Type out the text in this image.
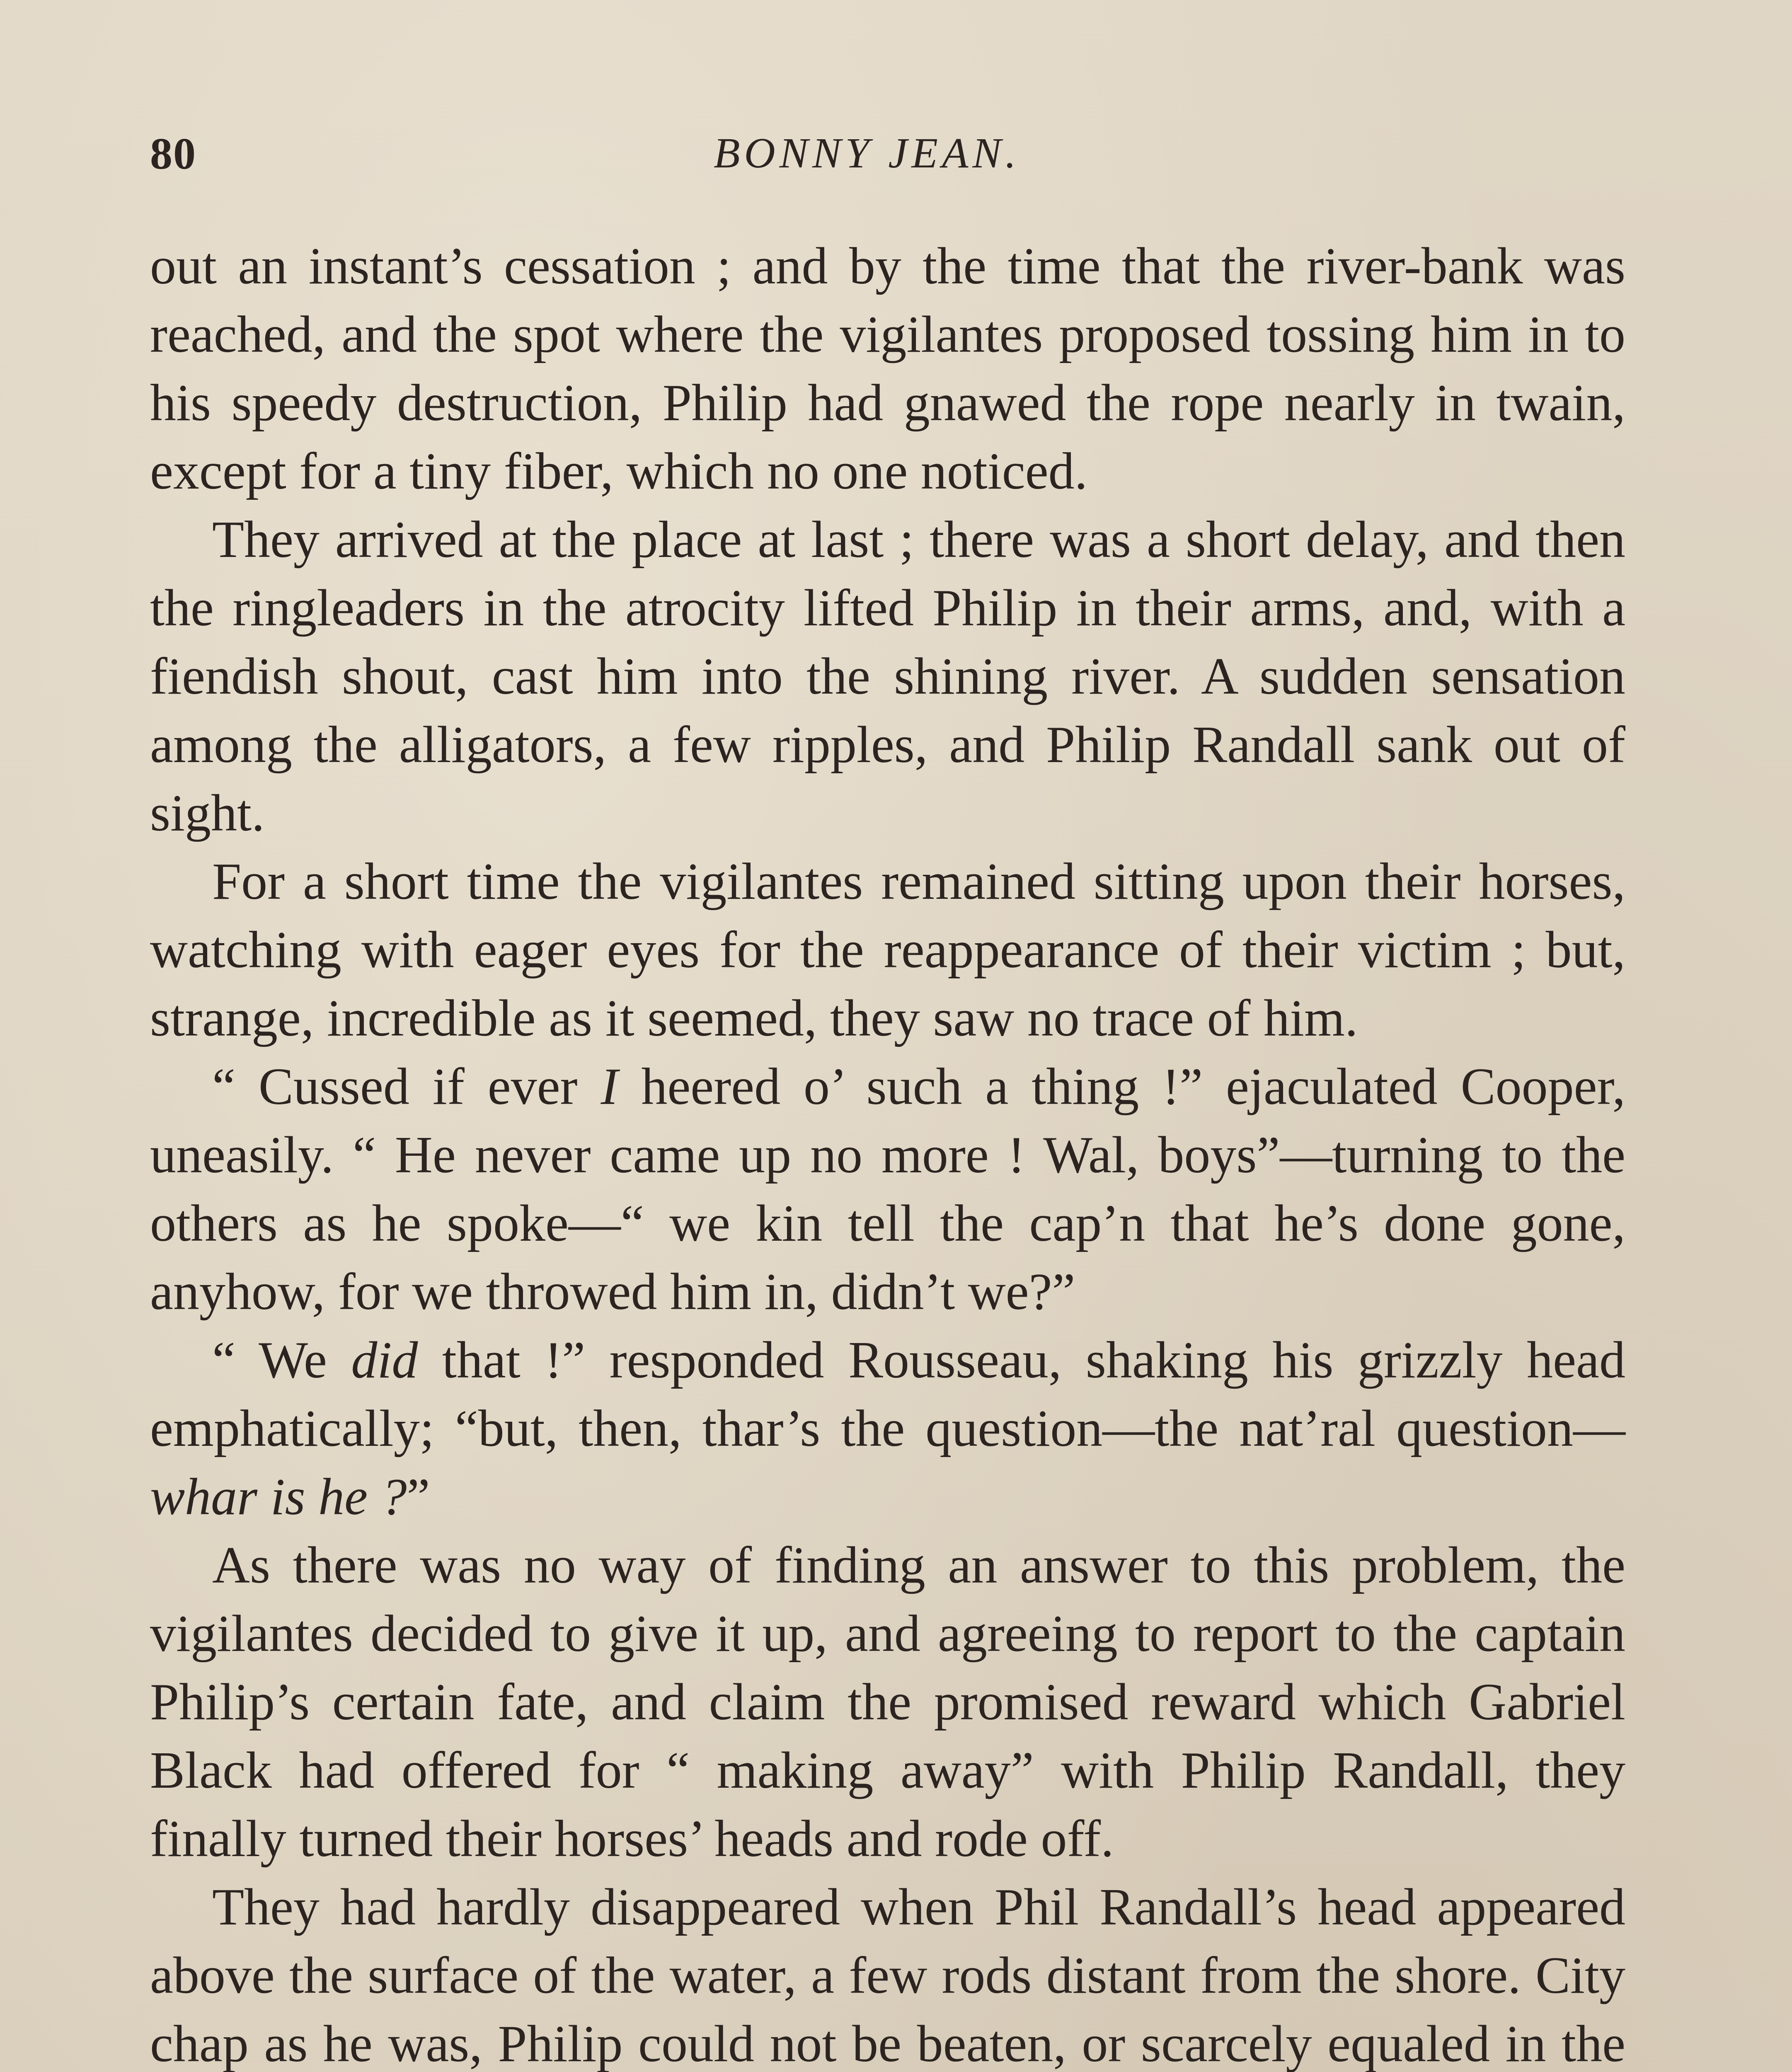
80	BONNY JEAN.

out an instant’s cessation ; and by the time that the river-bank was reached, and the spot where the vigilantes proposed tossing him in to his speedy destruction, Philip had gnawed the rope nearly in twain, except for a tiny fiber, which no one noticed.

They arrived at the place at last ; there was a short delay, and then the ringleaders in the atrocity lifted Philip in their arms, and, with a fiendish shout, cast him into the shining river. A sudden sensation among the alligators, a few ripples, and Philip Randall sank out of sight.

For a short time the vigilantes remained sitting upon their horses, watching with eager eyes for the reappearance of their victim ; but, strange, incredible as it seemed, they saw no trace of him.

“ Cussed if ever I heered o’ such a thing !” ejaculated Cooper, uneasily. “ He never came up no more ! Wal, boys”—turning to the others as he spoke—“ we kin tell the cap’n that he’s done gone, anyhow, for we throwed him in, didn’t we?”

“ We did that !” responded Rousseau, shaking his grizzly head emphatically; “but, then, thar’s the question—the nat’ral question—whar is he ?”

As there was no way of finding an answer to this problem, the vigilantes decided to give it up, and agreeing to report to the captain Philip’s certain fate, and claim the promised reward which Gabriel Black had offered for “ making away” with Philip Randall, they finally turned their horses’ heads and rode off.

They had hardly disappeared when Phil Randall’s head appeared above the surface of the water, a few rods distant from the shore. City chap as he was, Philip could not be beaten, or scarcely equaled in the
